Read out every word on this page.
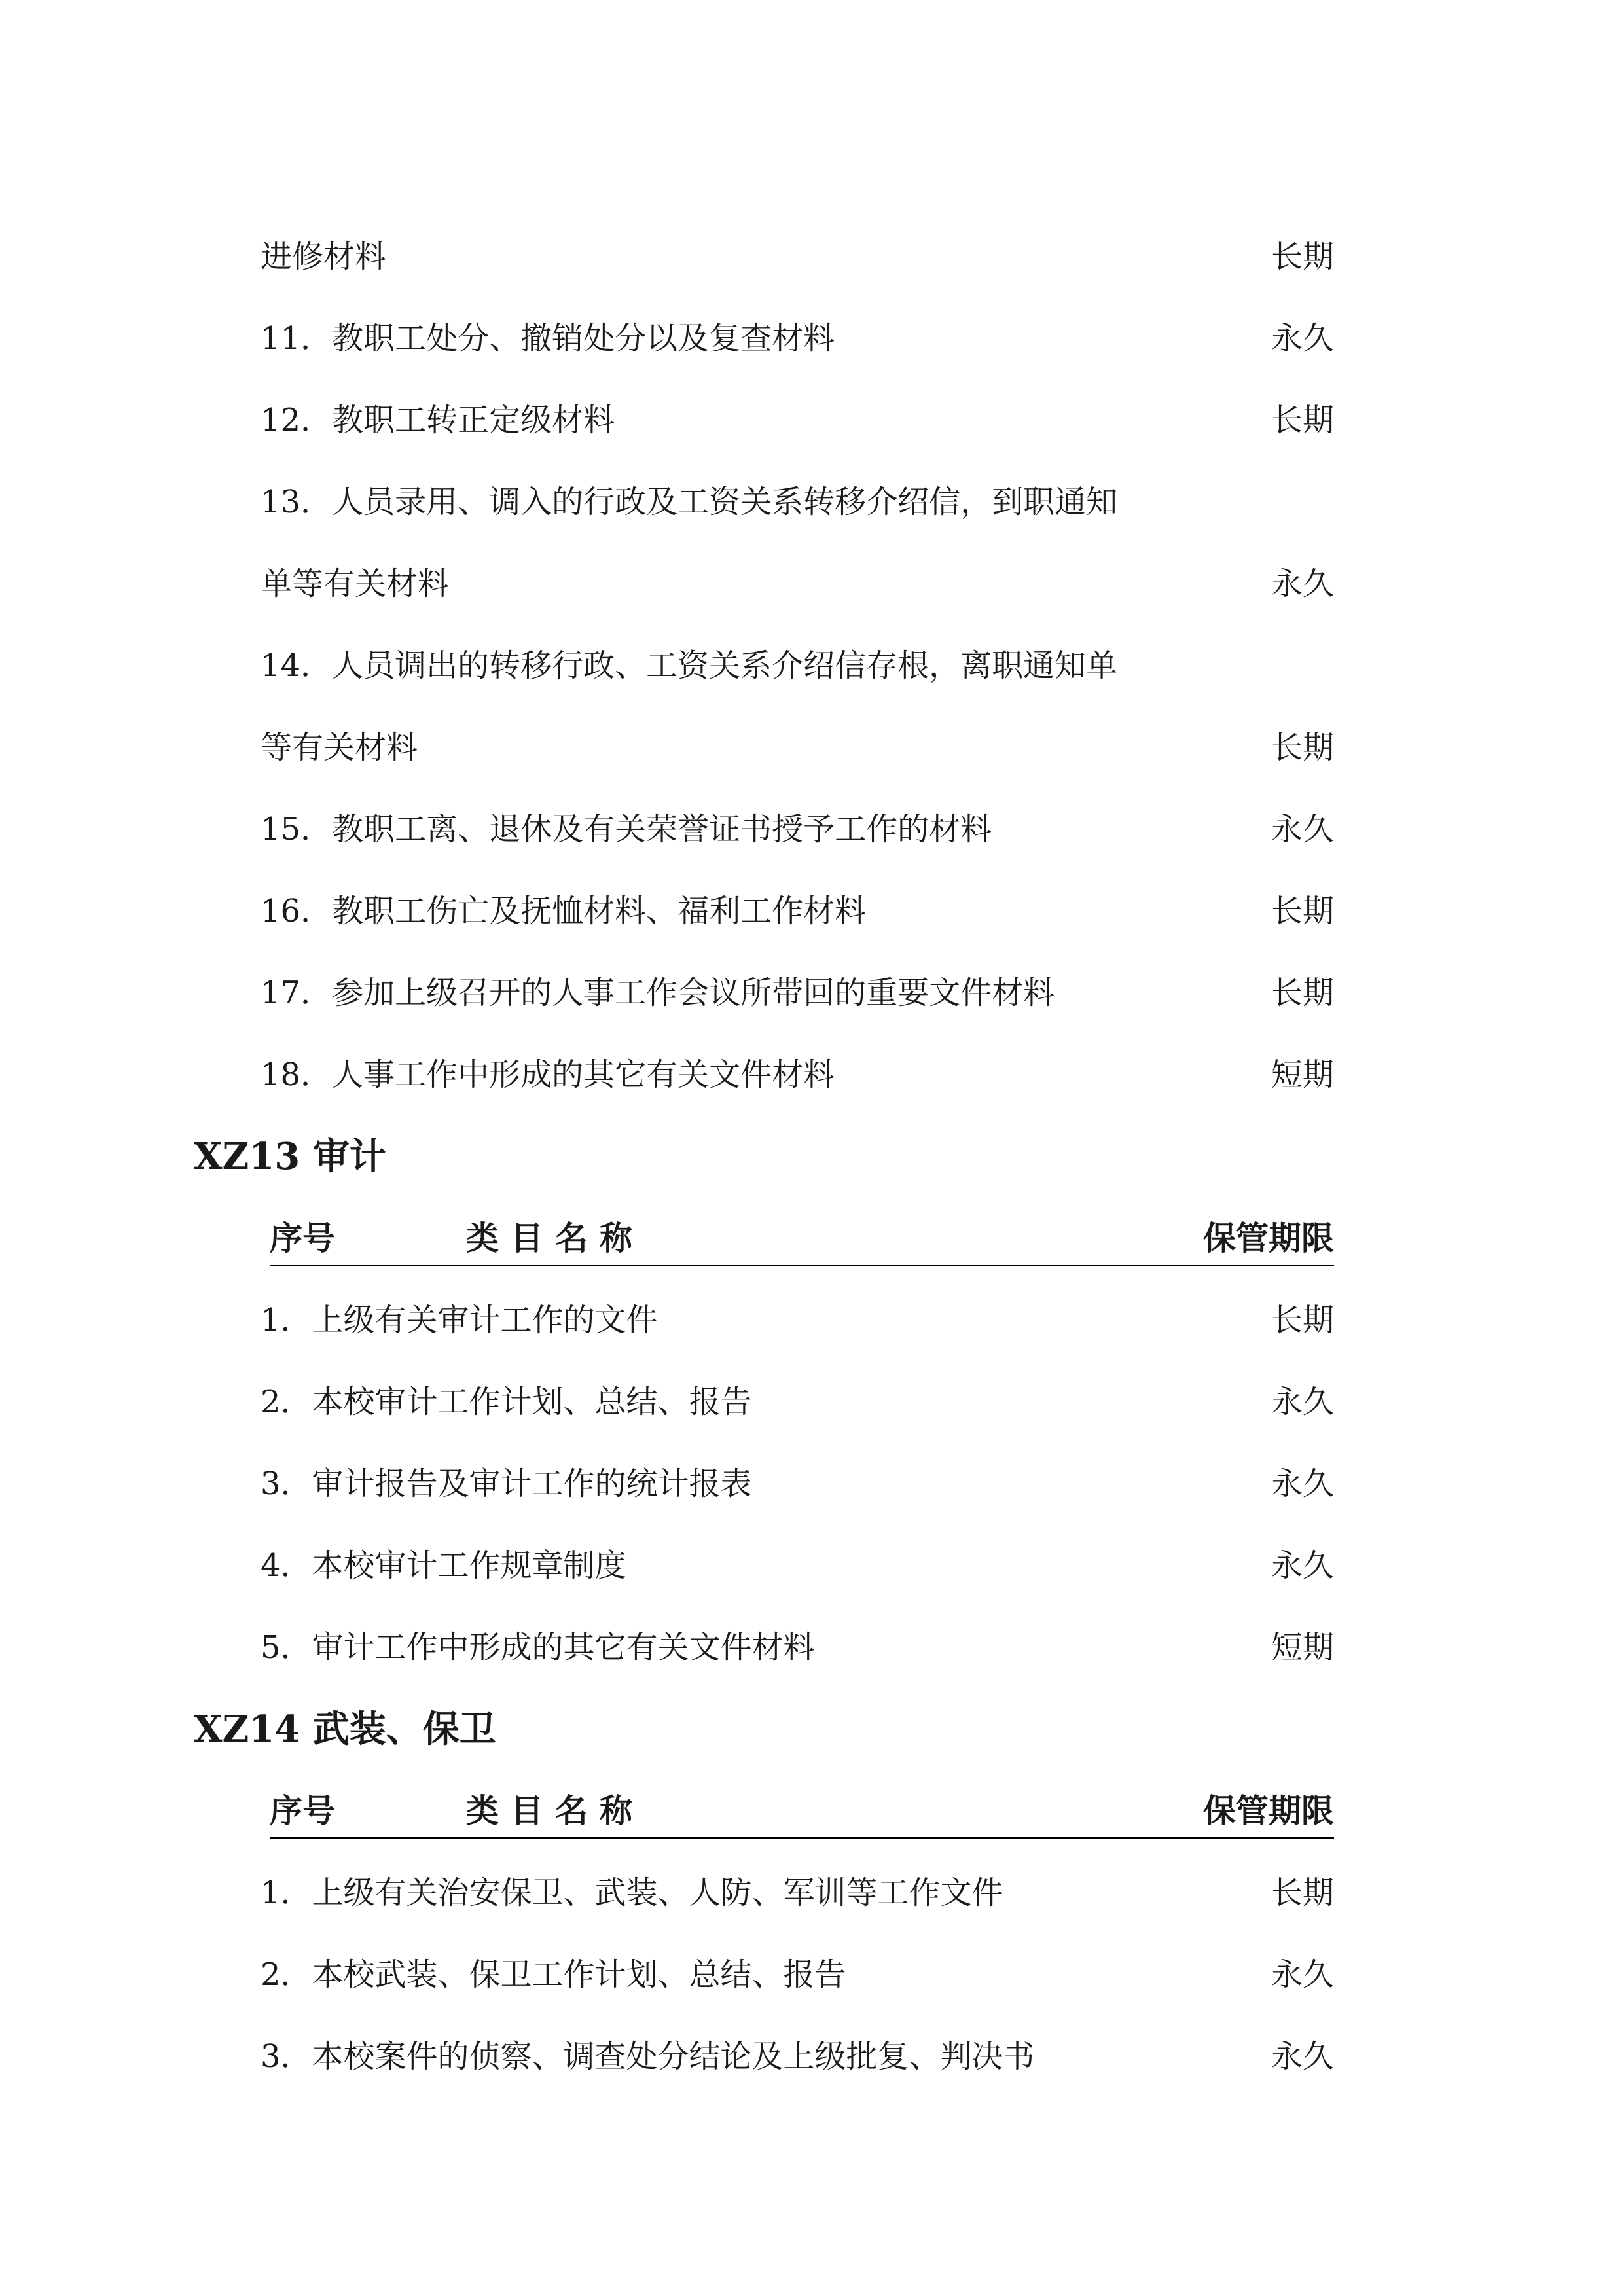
进修材料	长期
11．教职工处分、撤销处分以及复查材料	永久
12．教职工转正定级材料	长期
13．人员录用、调入的行政及工资关系转移介绍信，到职通知
单等有关材料	永久
14．人员调出的转移行政、工资关系介绍信存根，离职通知单
等有关材料	长期
15．教职工离、退休及有关荣誉证书授予工作的材料	永久
16．教职工伤亡及抚恤材料、福利工作材料	长期
17．参加上级召开的人事工作会议所带回的重要文件材料	长期
18．人事工作中形成的其它有关文件材料	短期
XZ13 审计
序号	类目名称	保管期限
1．上级有关审计工作的文件	长期
2．本校审计工作计划、总结、报告	永久
3．审计报告及审计工作的统计报表	永久
4．本校审计工作规章制度	永久
5．审计工作中形成的其它有关文件材料	短期
XZ14 武装、保卫
序号	类目名称	保管期限
1．上级有关治安保卫、武装、人防、军训等工作文件	长期
2．本校武装、保卫工作计划、总结、报告	永久
3．本校案件的侦察、调查处分结论及上级批复、判决书	永久
